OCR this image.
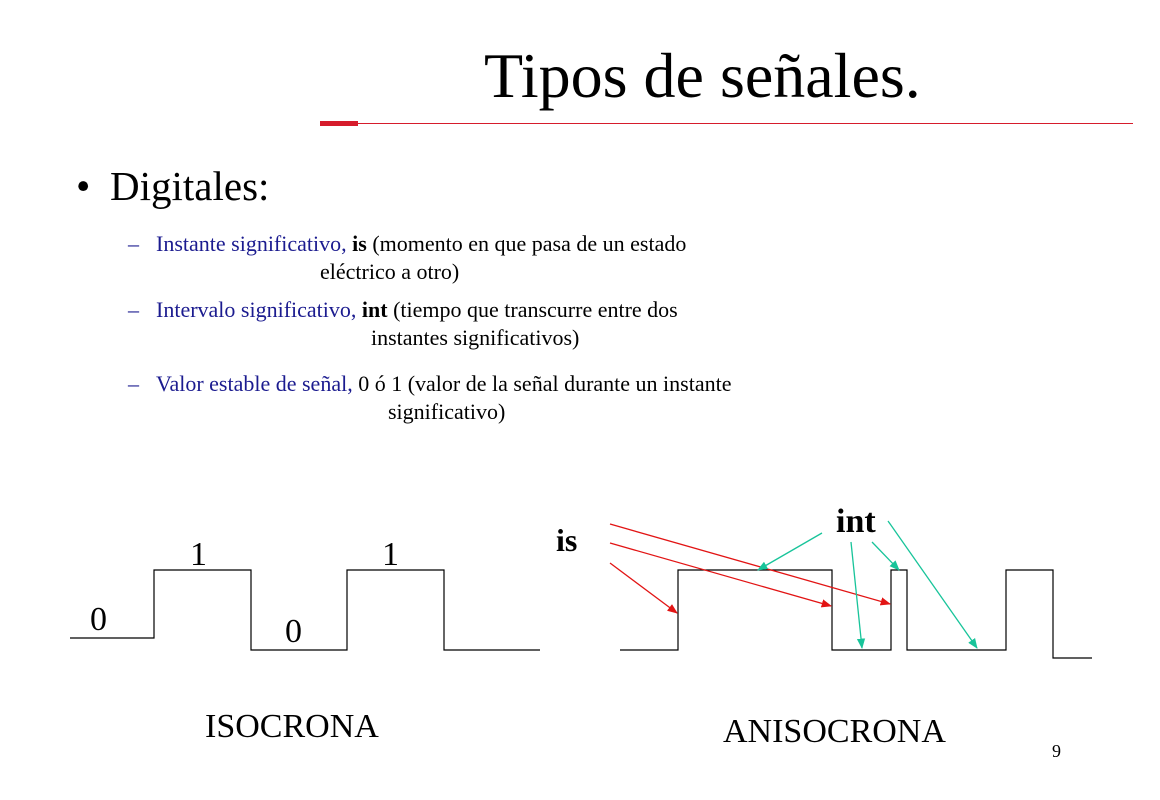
Tipos de señales.
• Digitales:
– Instante significativo, is (momento en que pasa de un estado
eléctrico a otro)
– Intervalo significativo, int (tiempo que transcurre entre dos
instantes significativos)
– Valor estable de señal, 0 ó 1 (valor de la señal durante un instante
significativo)
0
1
0
1
ISOCRONA
is	int
ANISOCRONA
9
